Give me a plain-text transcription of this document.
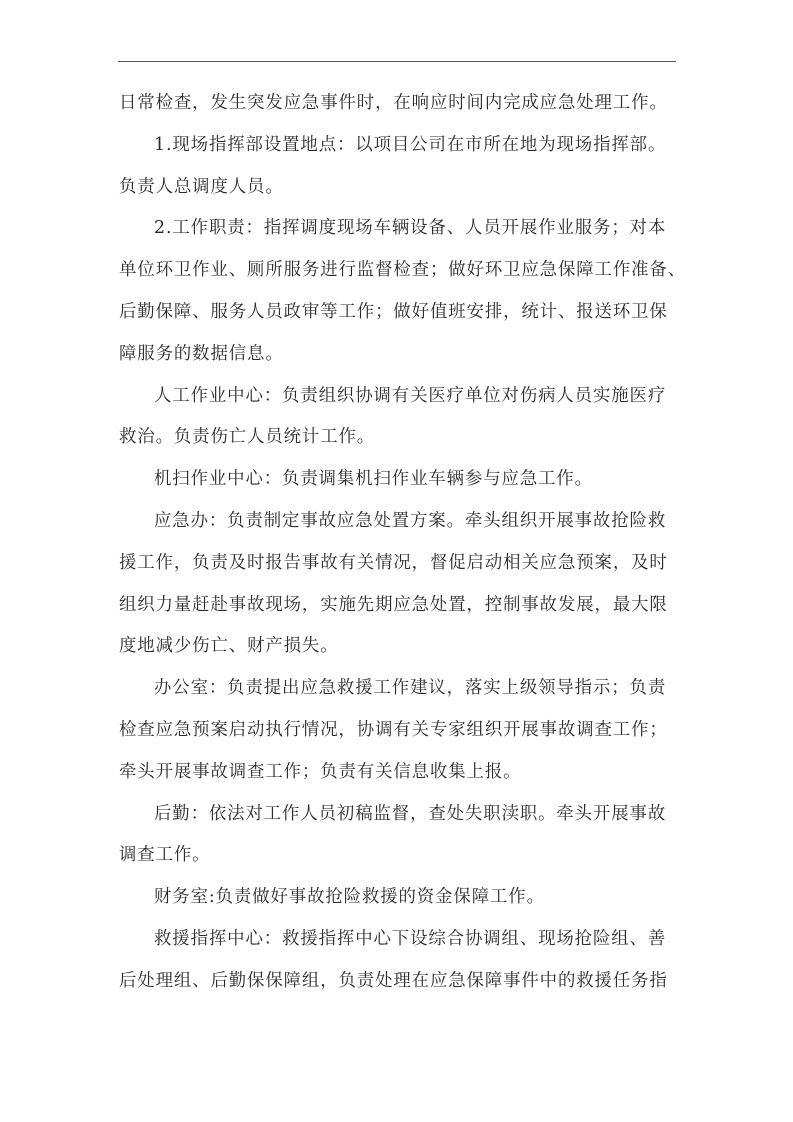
日常检查，发生突发应急事件时，在响应时间内完成应急处理工作。
1.现场指挥部设置地点：以项目公司在市所在地为现场指挥部。
负责人总调度人员。
2.工作职责：指挥调度现场车辆设备、人员开展作业服务；对本
单位环卫作业、厕所服务进行监督检查；做好环卫应急保障工作准备、
后勤保障、服务人员政审等工作；做好值班安排，统计、报送环卫保
障服务的数据信息。
人工作业中心：负责组织协调有关医疗单位对伤病人员实施医疗
救治。负责伤亡人员统计工作。
机扫作业中心：负责调集机扫作业车辆参与应急工作。
应急办：负责制定事故应急处置方案。牵头组织开展事故抢险救
援工作，负责及时报告事故有关情况，督促启动相关应急预案，及时
组织力量赶赴事故现场，实施先期应急处置，控制事故发展，最大限
度地减少伤亡、财产损失。
办公室：负责提出应急救援工作建议，落实上级领导指示；负责
检查应急预案启动执行情况，协调有关专家组织开展事故调查工作；
牵头开展事故调查工作；负责有关信息收集上报。
后勤：依法对工作人员初稿监督，查处失职渎职。牵头开展事故
调查工作。
财务室:负责做好事故抢险救援的资金保障工作。
救援指挥中心：救援指挥中心下设综合协调组、现场抢险组、善
后处理组、后勤保保障组，负责处理在应急保障事件中的救援任务指
